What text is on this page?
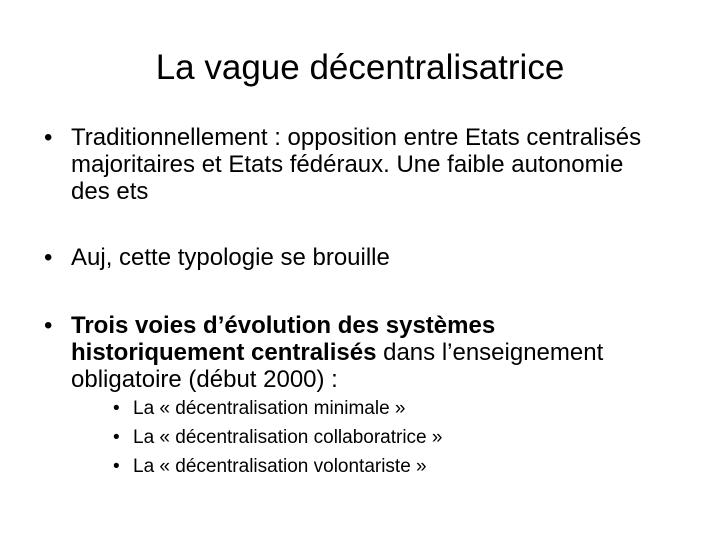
La vague décentralisatrice
• Traditionnellement : opposition entre Etats centralisés majoritaires et Etats fédéraux. Une faible autonomie des ets
• Auj, cette typologie se brouille
• Trois voies d’évolution des systèmes historiquement centralisés dans l’enseignement obligatoire (début 2000) :
• La « décentralisation minimale »
• La « décentralisation collaboratrice »
• La « décentralisation volontariste »
